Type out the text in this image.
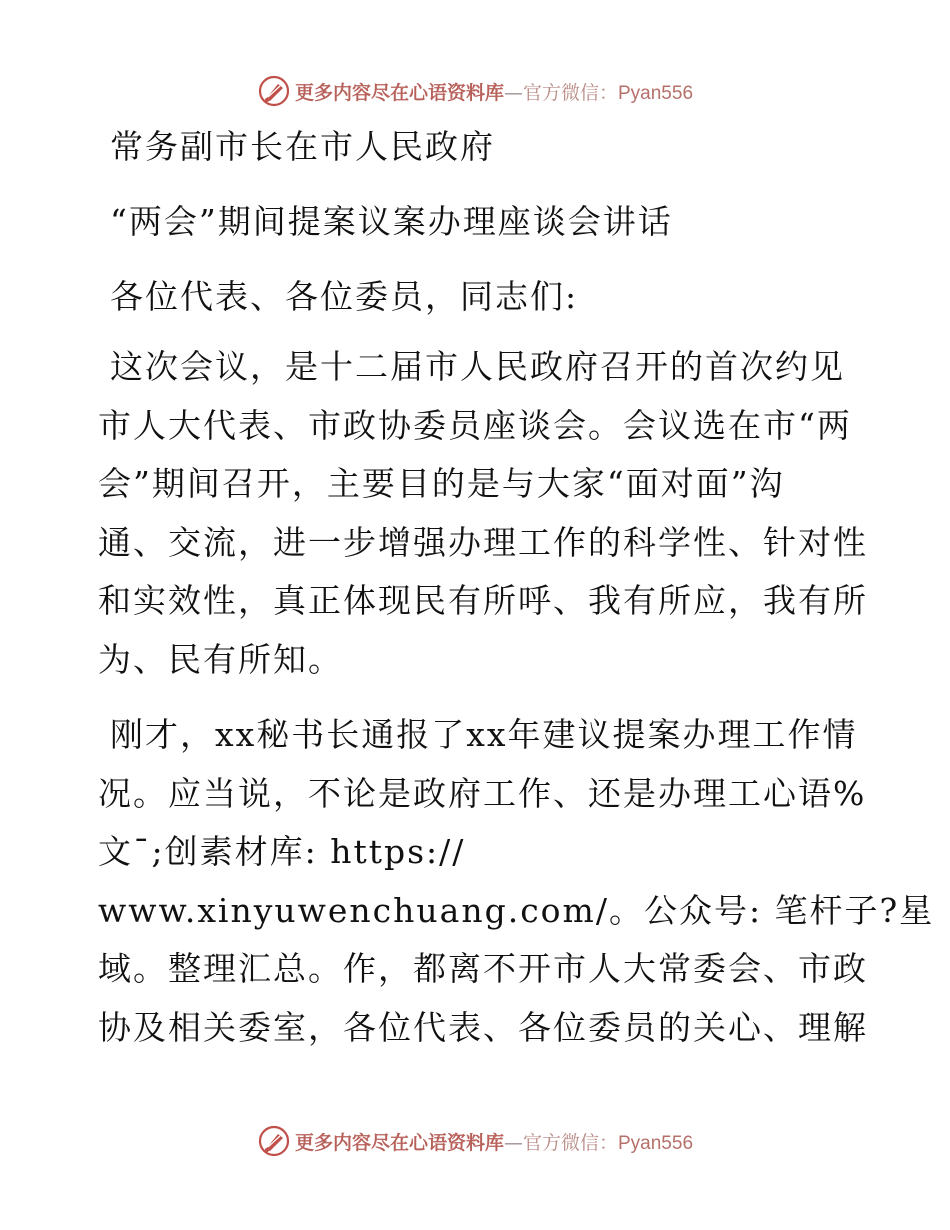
更多内容尽在心语资料库—官方微信：Pyan556
常务副市长在市人民政府
“两会”期间提案议案办理座谈会讲话
各位代表、各位委员，同志们:
这次会议，是十二届市人民政府召开的首次约见
市人大代表、市政协委员座谈会。会议选在市“两
会”期间召开，主要目的是与大家“面对面”沟
通、交流，进一步增强办理工作的科学性、针对性
和实效性，真正体现民有所呼、我有所应，我有所
为、民有所知。
刚才，xx秘书长通报了xx年建议提案办理工作情
况。应当说，不论是政府工作、还是办理工心语%
文¯;创素材库: https://
www.xinyuwenchuang.com/。公众号: 笔杆子?星
域。整理汇总。作，都离不开市人大常委会、市政
协及相关委室，各位代表、各位委员的关心、理解
更多内容尽在心语资料库—官方微信：Pyan556
